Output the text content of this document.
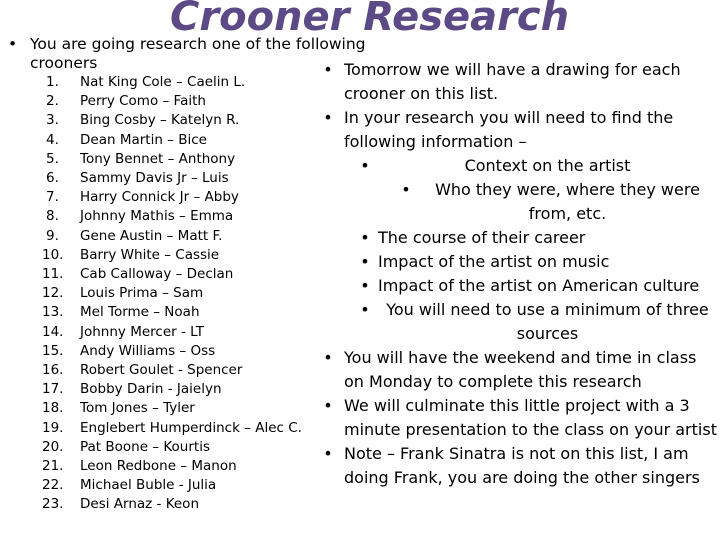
Crooner Research
• You are going research one of the following
crooners
1.	Nat King Cole – Caelin L.
2.	Perry Como – Faith
3.	Bing Cosby – Katelyn R.
4.	Dean Martin – Bice
5.	Tony Bennet – Anthony
6.	Sammy Davis Jr – Luis
7.	Harry Connick Jr – Abby
8.	Johnny Mathis – Emma
9.	Gene Austin – Matt F.
10.	Barry White – Cassie
11.	Cab Calloway – Declan
12.	Louis Prima – Sam
13.	Mel Torme – Noah
14.	Johnny Mercer - LT
15.	Andy Williams – Oss
16.	Robert Goulet - Spencer
17.	Bobby Darin - Jaielyn
18.	Tom Jones – Tyler
19.	Englebert Humperdinck – Alec C.
20.	Pat Boone – Kourtis
21.	Leon Redbone – Manon
22.	Michael Buble - Julia
23.	Desi Arnaz - Keon
• Tomorrow we will have a drawing for each crooner on this list.
• In your research you will need to find the following information –
•	Context on the artist
•	Who they were, where they were from, etc.
• The course of their career
• Impact of the artist on music
• Impact of the artist on American culture
•	You will need to use a minimum of three sources
• You will have the weekend and time in class on Monday to complete this research
• We will culminate this little project with a 3 minute presentation to the class on your artist
• Note – Frank Sinatra is not on this list, I am doing Frank, you are doing the other singers
